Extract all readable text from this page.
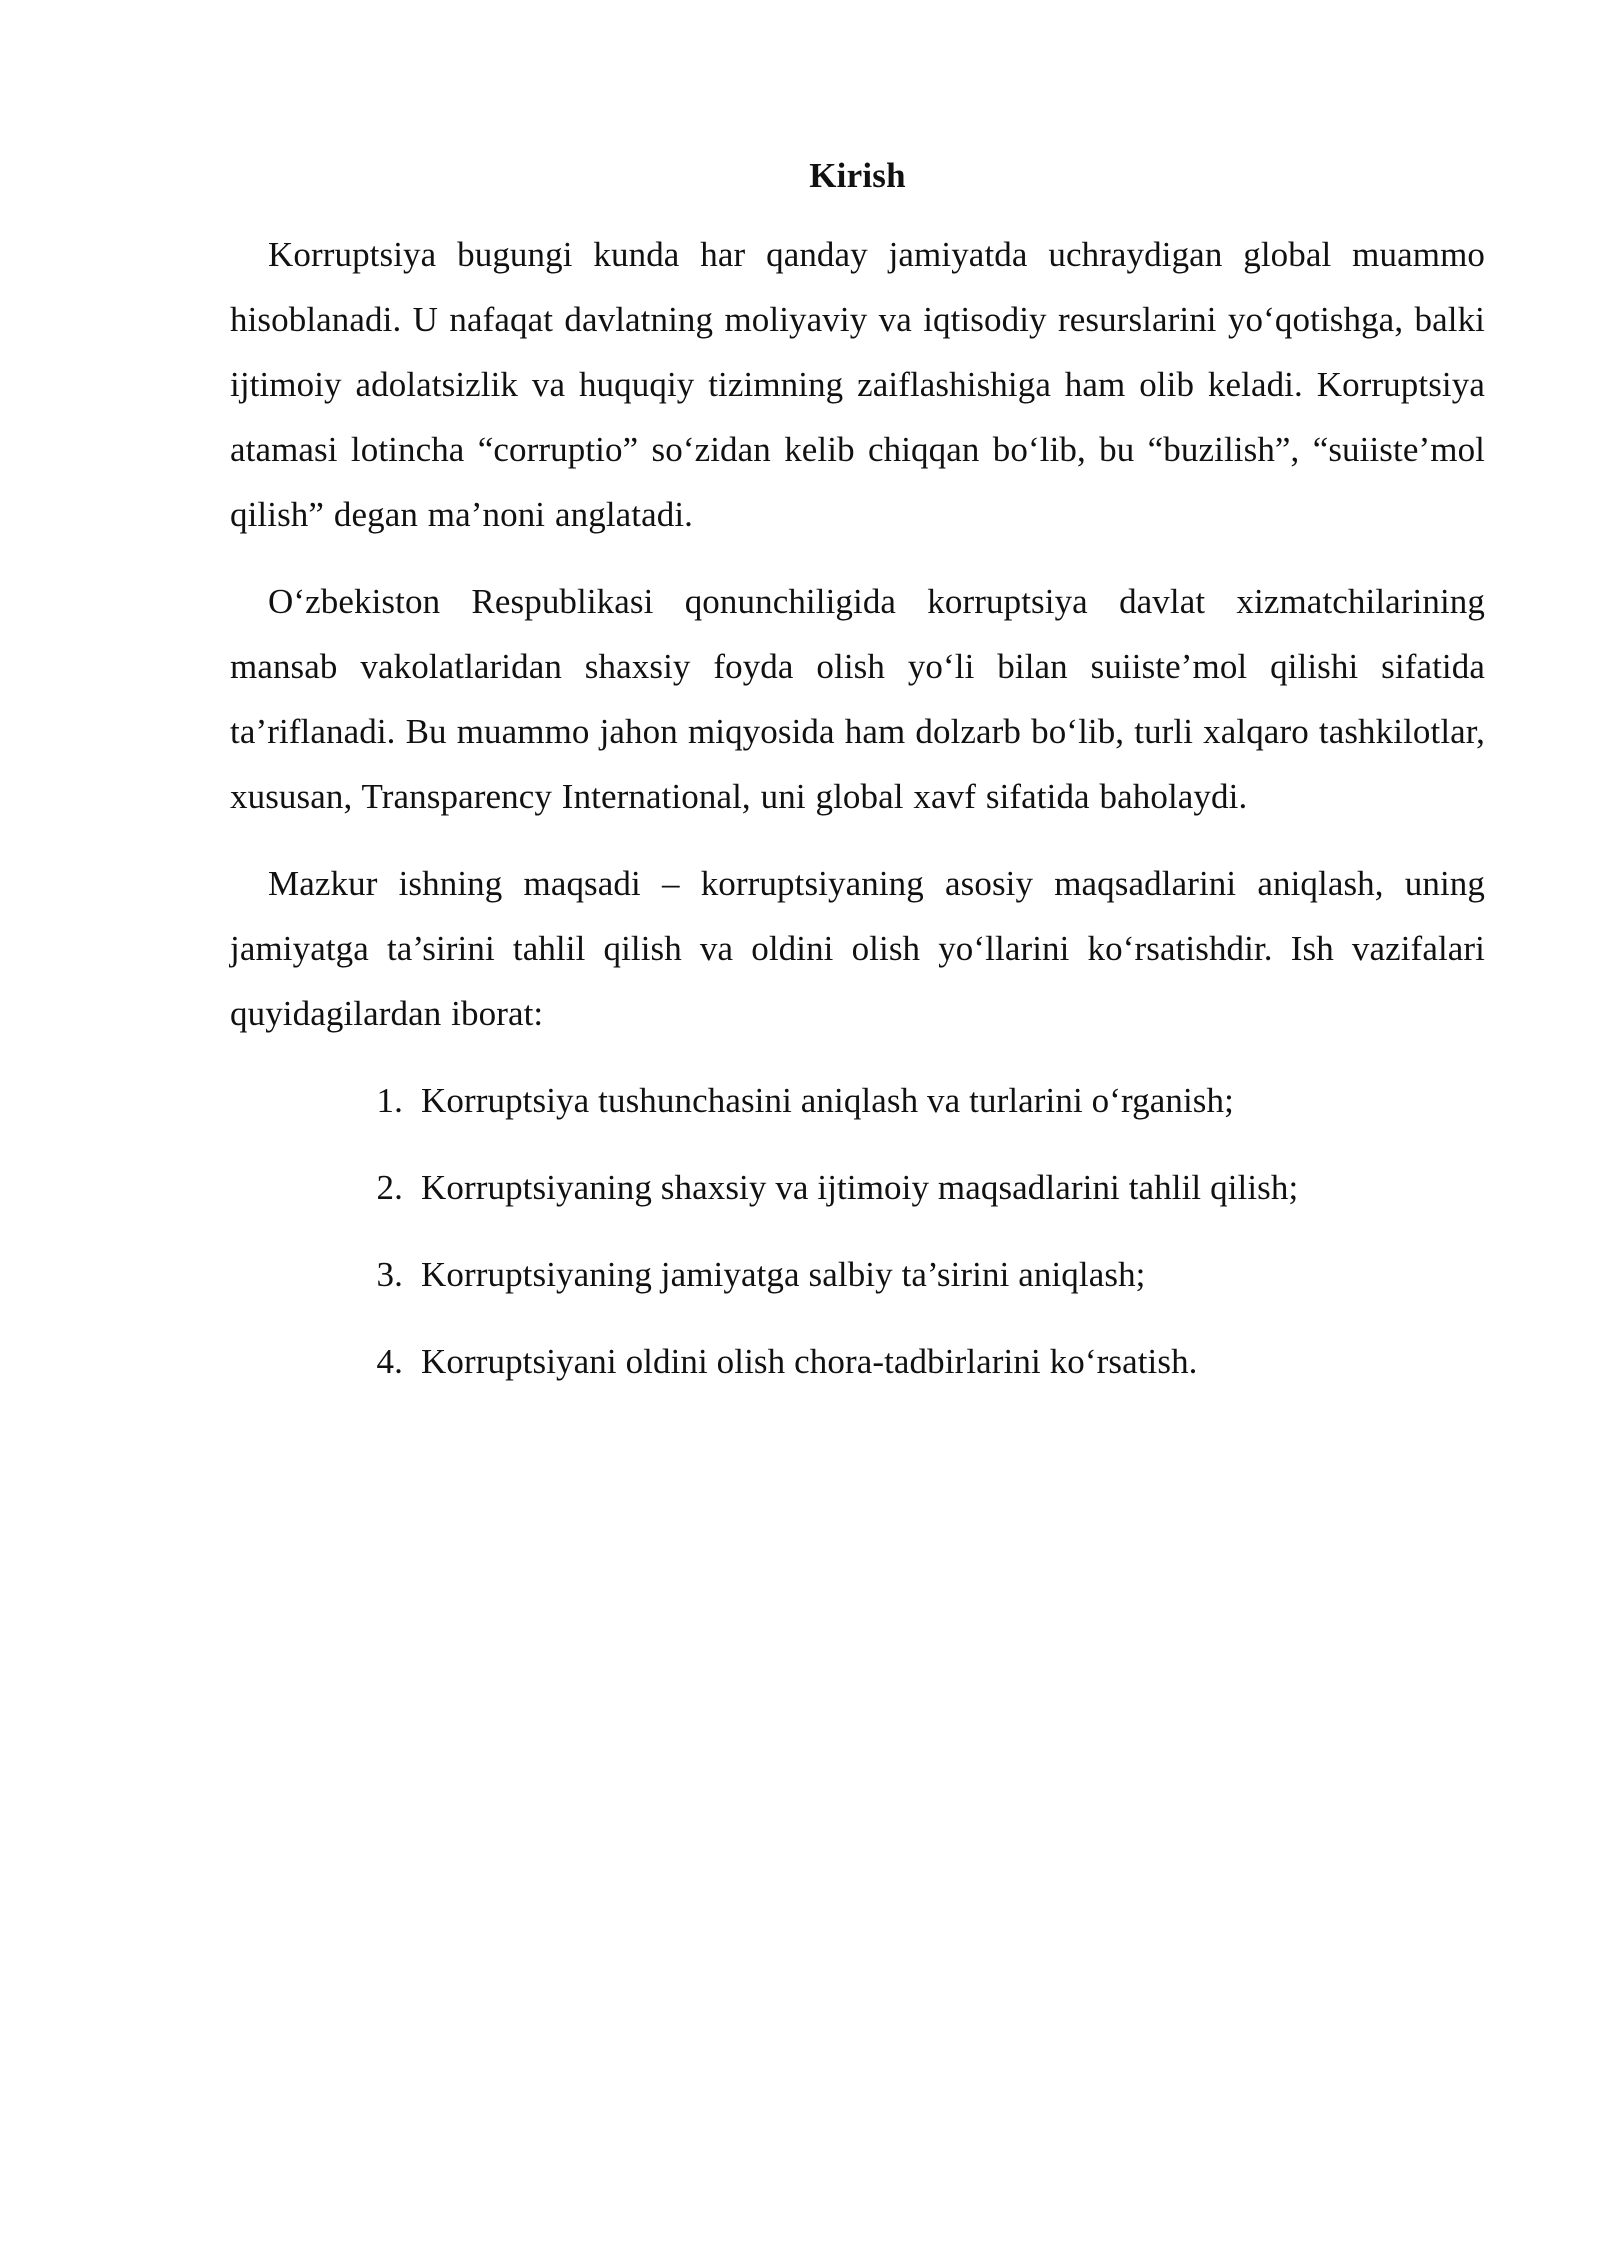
Kirish

Korruptsiya bugungi kunda har qanday jamiyatda uchraydigan global muammo hisoblanadi. U nafaqat davlatning moliyaviy va iqtisodiy resurslarini yo‘qotishga, balki ijtimoiy adolatsizlik va huquqiy tizimning zaiflashishiga ham olib keladi. Korruptsiya atamasi lotincha “corruptio” so‘zidan kelib chiqqan bo‘lib, bu “buzilish”, “suiiste’mol qilish” degan ma’noni anglatadi.

O‘zbekiston Respublikasi qonunchiligida korruptsiya davlat xizmatchilarining mansab vakolatlaridan shaxsiy foyda olish yo‘li bilan suiiste’mol qilishi sifatida ta’riflanadi. Bu muammo jahon miqyosida ham dolzarb bo‘lib, turli xalqaro tashkilotlar, xususan, Transparency International, uni global xavf sifatida baholaydi.

Mazkur ishning maqsadi – korruptsiyaning asosiy maqsadlarini aniqlash, uning jamiyatga ta’sirini tahlil qilish va oldini olish yo‘llarini ko‘rsatishdir. Ish vazifalari quyidagilardan iborat:

1. Korruptsiya tushunchasini aniqlash va turlarini o‘rganish;
2. Korruptsiyaning shaxsiy va ijtimoiy maqsadlarini tahlil qilish;
3. Korruptsiyaning jamiyatga salbiy ta’sirini aniqlash;
4. Korruptsiyani oldini olish chora-tadbirlarini ko‘rsatish.
